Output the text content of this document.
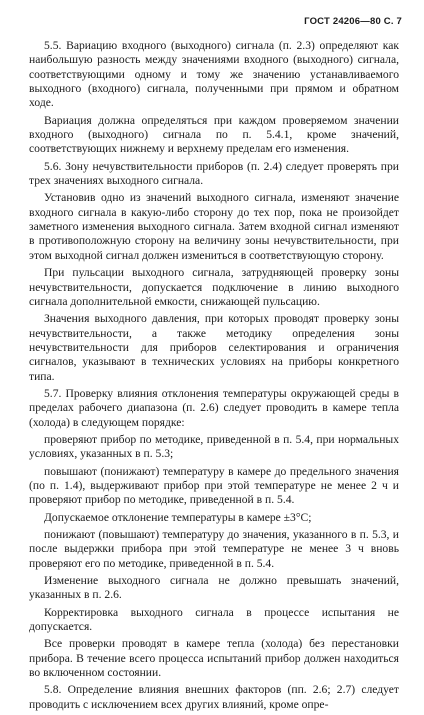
ГОСТ 24206—80 С. 7

5.5. Вариацию входного (выходного) сигнала (п. 2.3) определяют как наибольшую разность между значениями входного (выходного) сигнала, соответствующими одному и тому же значению устанавливаемого выходного (входного) сигнала, полученными при прямом и обратном ходе.

Вариация должна определяться при каждом проверяемом значении входного (выходного) сигнала по п. 5.4.1, кроме значений, соответствующих нижнему и верхнему пределам его изменения.

5.6. Зону нечувствительности приборов (п. 2.4) следует проверять при трех значениях выходного сигнала.

Установив одно из значений выходного сигнала, изменяют значение входного сигнала в какую-либо сторону до тех пор, пока не произойдет заметного изменения выходного сигнала. Затем входной сигнал изменяют в противоположную сторону на величину зоны нечувствительности, при этом выходной сигнал должен измениться в соответствующую сторону.

При пульсации выходного сигнала, затрудняющей проверку зоны нечувствительности, допускается подключение в линию выходного сигнала дополнительной емкости, снижающей пульсацию.

Значения выходного давления, при которых проводят проверку зоны нечувствительности, а также методику определения зоны нечувствительности для приборов селектирования и ограничения сигналов, указывают в технических условиях на приборы конкретного типа.

5.7. Проверку влияния отклонения температуры окружающей среды в пределах рабочего диапазона (п. 2.6) следует проводить в камере тепла (холода) в следующем порядке:

проверяют прибор по методике, приведенной в п. 5.4, при нормальных условиях, указанных в п. 5.3;

повышают (понижают) температуру в камере до предельного значения (по п. 1.4), выдерживают прибор при этой температуре не менее 2 ч и проверяют прибор по методике, приведенной в п. 5.4.

Допускаемое отклонение температуры в камере ±3°С;

понижают (повышают) температуру до значения, указанного в п. 5.3, и после выдержки прибора при этой температуре не менее 3 ч вновь проверяют его по методике, приведенной в п. 5.4.

Изменение выходного сигнала не должно превышать значений, указанных в п. 2.6.

Корректировка выходного сигнала в процессе испытания не допускается.

Все проверки проводят в камере тепла (холода) без перестановки прибора. В течение всего процесса испытаний прибор должен находиться во включенном состоянии.

5.8. Определение влияния внешних факторов (пп. 2.6; 2.7) следует проводить с исключением всех других влияний, кроме опре-
